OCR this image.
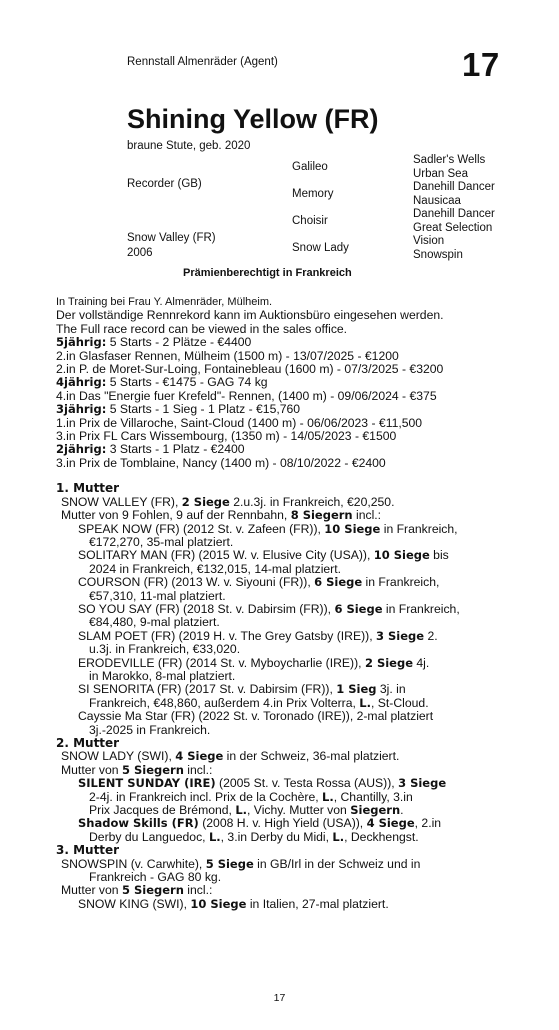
Rennstall Almenräder (Agent)	17
Shining Yellow (FR)
braune Stute, geb. 2020
Recorder (GB)
Snow Valley (FR)
2006
Galileo
Memory
Choisir
Snow Lady
Sadler's Wells
Urban Sea
Danehill Dancer
Nausicaa
Danehill Dancer
Great Selection
Vision
Snowspin
Prämienberechtigt in Frankreich

In Training bei Frau Y. Almenräder, Mülheim.

Der vollständige Rennrekord kann im Auktionsbüro eingesehen werden.

The Full race record can be viewed in the sales office.

5jährig: 5 Starts - 2 Plätze - €4400

2.in Glasfaser Rennen, Mülheim (1500 m) - 13/07/2025 - €1200

2.in P. de Moret-Sur-Loing, Fontainebleau (1600 m) - 07/3/2025 - €3200

4jährig: 5 Starts - €1475 - GAG 74 kg

4.in Das "Energie fuer Krefeld"- Rennen, (1400 m) - 09/06/2024 - €375

3jährig: 5 Starts - 1 Sieg - 1 Platz - €15,760

1.in Prix de Villaroche, Saint-Cloud (1400 m) - 06/06/2023 - €11,500

3.in Prix FL Cars Wissembourg, (1350 m) - 14/05/2023 - €1500

2jährig: 3 Starts - 1 Platz - €2400

3.in Prix de Tomblaine, Nancy (1400 m) - 08/10/2022 - €2400

1. Mutter

SNOW VALLEY (FR), 2 Siege 2.u.3j. in Frankreich, €20,250.

Mutter von 9 Fohlen, 9 auf der Rennbahn, 8 Siegern incl.:

SPEAK NOW (FR) (2012 St. v. Zafeen (FR)), 10 Siege in Frankreich,

€172,270, 35-mal platziert.

SOLITARY MAN (FR) (2015 W. v. Elusive City (USA)), 10 Siege bis

2024 in Frankreich, €132,015, 14-mal platziert.

COURSON (FR) (2013 W. v. Siyouni (FR)), 6 Siege in Frankreich,

€57,310, 11-mal platziert.

SO YOU SAY (FR) (2018 St. v. Dabirsim (FR)), 6 Siege in Frankreich,

€84,480, 9-mal platziert.

SLAM POET (FR) (2019 H. v. The Grey Gatsby (IRE)), 3 Siege 2.

u.3j. in Frankreich, €33,020.

ERODEVILLE (FR) (2014 St. v. Myboycharlie (IRE)), 2 Siege 4j.

in Marokko, 8-mal platziert.

SI SENORITA (FR) (2017 St. v. Dabirsim (FR)), 1 Sieg 3j. in

Frankreich, €48,860, außerdem 4.in Prix Volterra, L., St-Cloud.

Cayssie Ma Star (FR) (2022 St. v. Toronado (IRE)), 2-mal platziert

3j.-2025 in Frankreich.

2. Mutter

SNOW LADY (SWI), 4 Siege in der Schweiz, 36-mal platziert.

Mutter von 5 Siegern incl.:

SILENT SUNDAY (IRE) (2005 St. v. Testa Rossa (AUS)), 3 Siege

2-4j. in Frankreich incl. Prix de la Cochère, L., Chantilly, 3.in

Prix Jacques de Brémond, L., Vichy. Mutter von Siegern.

Shadow Skills (FR) (2008 H. v. High Yield (USA)), 4 Siege, 2.in

Derby du Languedoc, L., 3.in Derby du Midi, L., Deckhengst.

3. Mutter

SNOWSPIN (v. Carwhite), 5 Siege in GB/Irl in der Schweiz und in

Frankreich - GAG 80 kg.

Mutter von 5 Siegern incl.:

SNOW KING (SWI), 10 Siege in Italien, 27-mal platziert.

17
